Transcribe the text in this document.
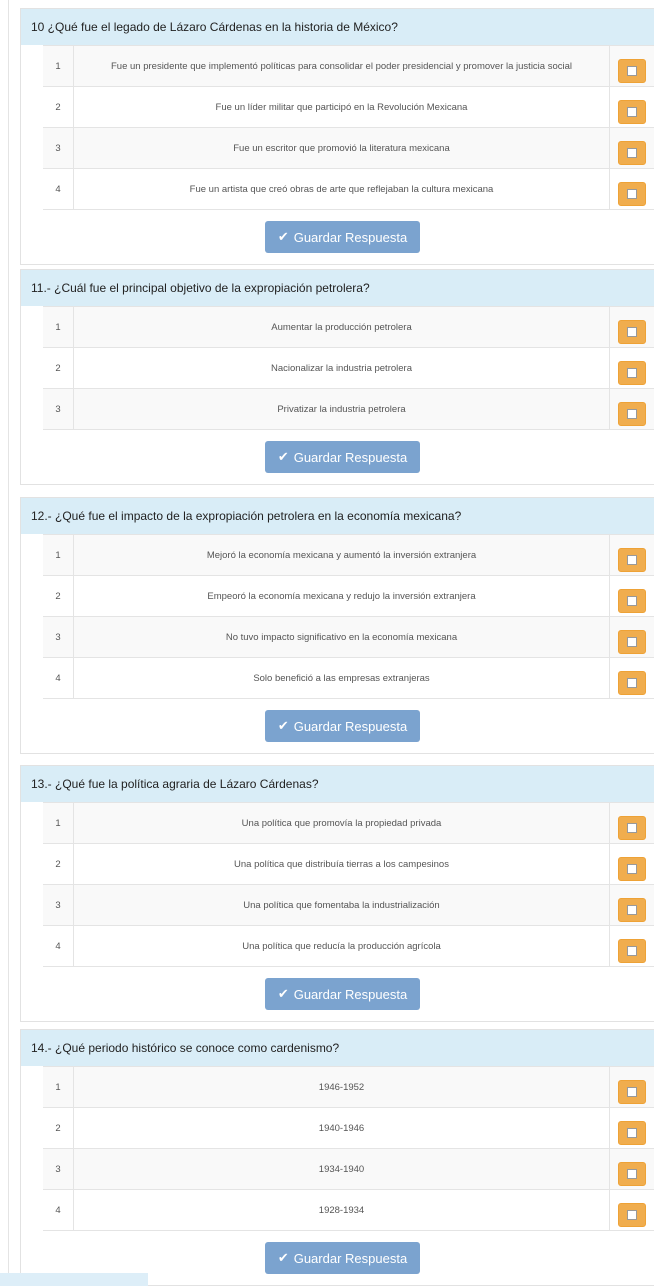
10 ¿Qué fue el legado de Lázaro Cárdenas en la historia de México?
1	Fue un presidente que implementó políticas para consolidar el poder presidencial y promover la justicia social
2	Fue un líder militar que participó en la Revolución Mexicana
3	Fue un escritor que promovió la literatura mexicana
4	Fue un artista que creó obras de arte que reflejaban la cultura mexicana
✔ Guardar Respuesta
11.- ¿Cuál fue el principal objetivo de la expropiación petrolera?
1	Aumentar la producción petrolera
2	Nacionalizar la industria petrolera
3	Privatizar la industria petrolera
✔ Guardar Respuesta
12.- ¿Qué fue el impacto de la expropiación petrolera en la economía mexicana?
1	Mejoró la economía mexicana y aumentó la inversión extranjera
2	Empeoró la economía mexicana y redujo la inversión extranjera
3	No tuvo impacto significativo en la economía mexicana
4	Solo benefició a las empresas extranjeras
✔ Guardar Respuesta
13.- ¿Qué fue la política agraria de Lázaro Cárdenas?
1	Una política que promovía la propiedad privada
2	Una política que distribuía tierras a los campesinos
3	Una política que fomentaba la industrialización
4	Una política que reducía la producción agrícola
✔ Guardar Respuesta
14.- ¿Qué periodo histórico se conoce como cardenismo?
1	1946-1952
2	1940-1946
3	1934-1940
4	1928-1934
✔ Guardar Respuesta
